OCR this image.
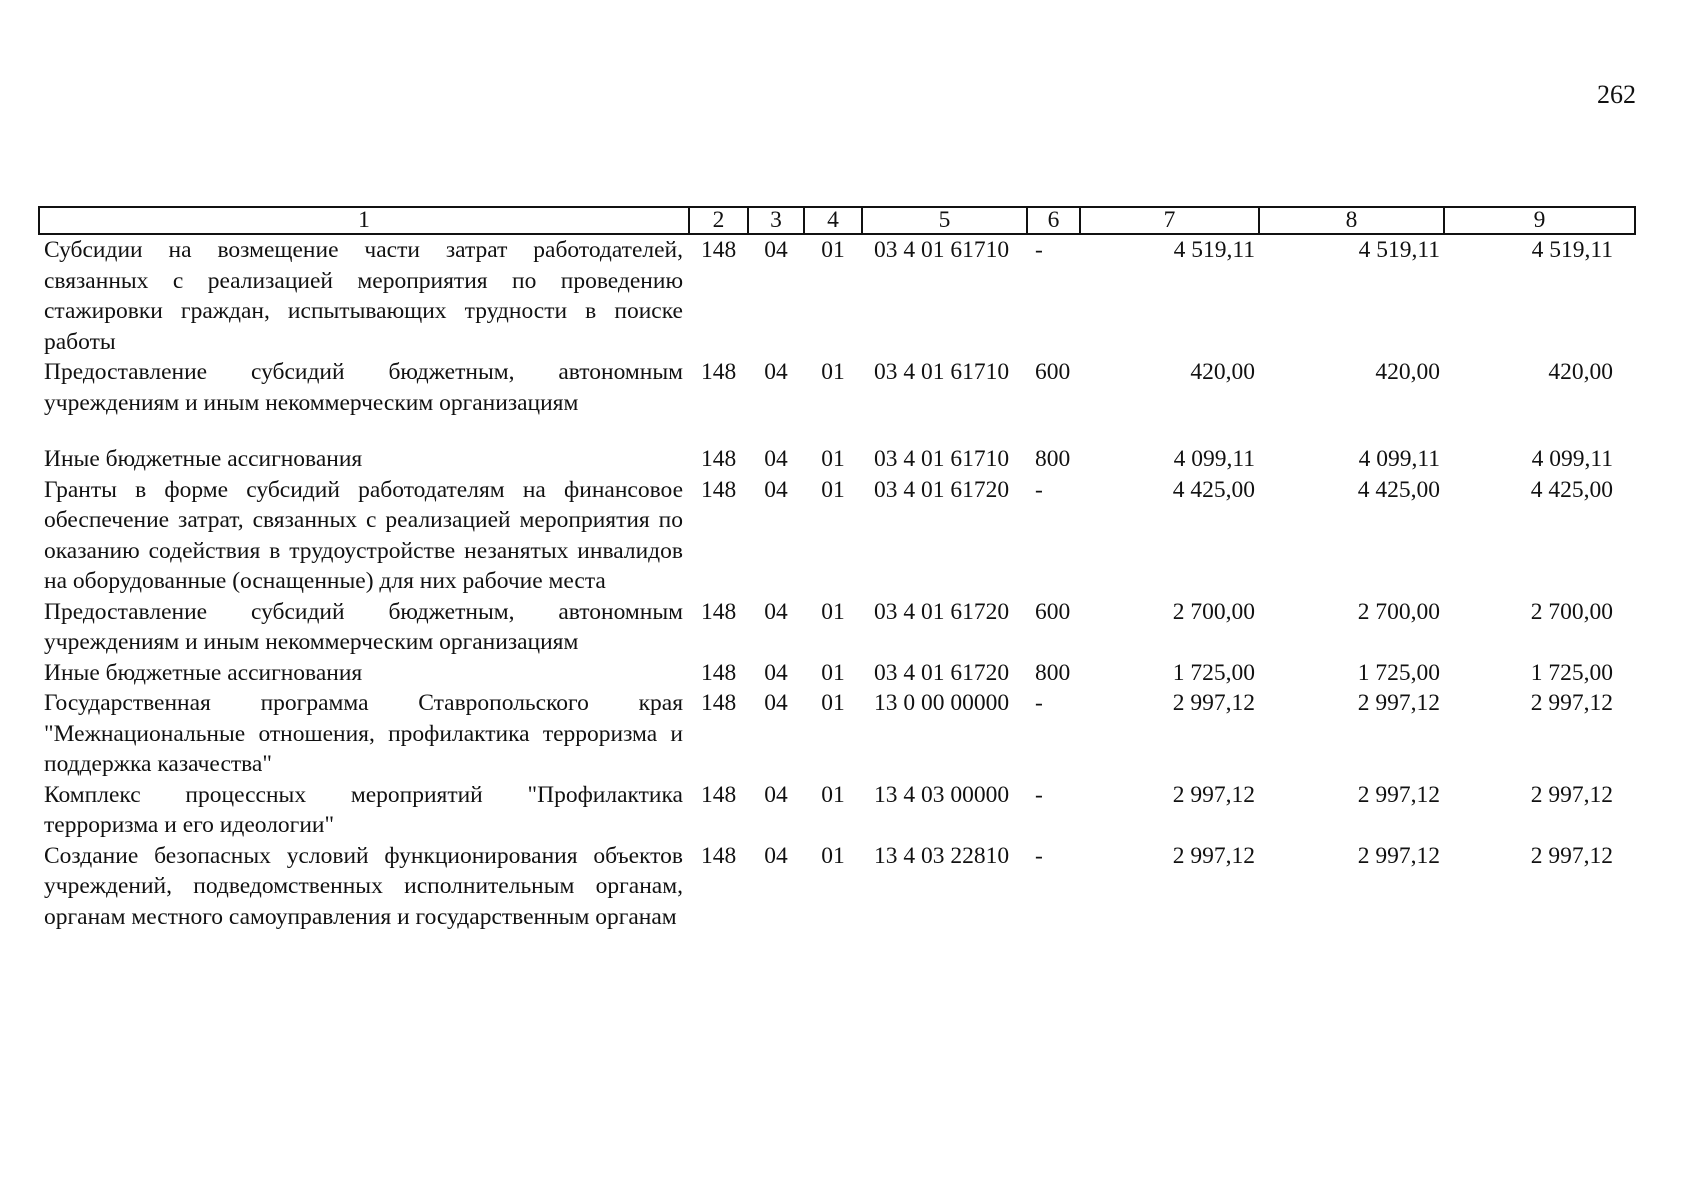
262
1	2	3	4	5	6	7	8	9
Субсидии на возмещение части затрат работодателей, связанных с реализацией мероприятия по проведению стажировки граждан, испытывающих трудности в поиске работы	148	04	01	03 4 01 61710	-	4 519,11	4 519,11	4 519,11
Предоставление субсидий бюджетным, автономным учреждениям и иным некоммерческим организациям	148	04	01	03 4 01 61710	600	420,00	420,00	420,00

Иные бюджетные ассигнования	148	04	01	03 4 01 61710	800	4 099,11	4 099,11	4 099,11
Гранты в форме субсидий работодателям на финансовое обеспечение затрат, связанных с реализацией мероприятия по оказанию содействия в трудоустройстве незанятых инвалидов на оборудованные (оснащенные) для них рабочие места	148	04	01	03 4 01 61720	-	4 425,00	4 425,00	4 425,00
Предоставление субсидий бюджетным, автономным учреждениям и иным некоммерческим организациям	148	04	01	03 4 01 61720	600	2 700,00	2 700,00	2 700,00
Иные бюджетные ассигнования	148	04	01	03 4 01 61720	800	1 725,00	1 725,00	1 725,00
Государственная программа Ставропольского края "Межнациональные отношения, профилактика терроризма и поддержка казачества"	148	04	01	13 0 00 00000	-	2 997,12	2 997,12	2 997,12
Комплекс процессных мероприятий "Профилактика терроризма и его идеологии"	148	04	01	13 4 03 00000	-	2 997,12	2 997,12	2 997,12
Создание безопасных условий функционирования объектов учреждений, подведомственных исполнительным органам, органам местного самоуправления и государственным органам	148	04	01	13 4 03 22810	-	2 997,12	2 997,12	2 997,12
